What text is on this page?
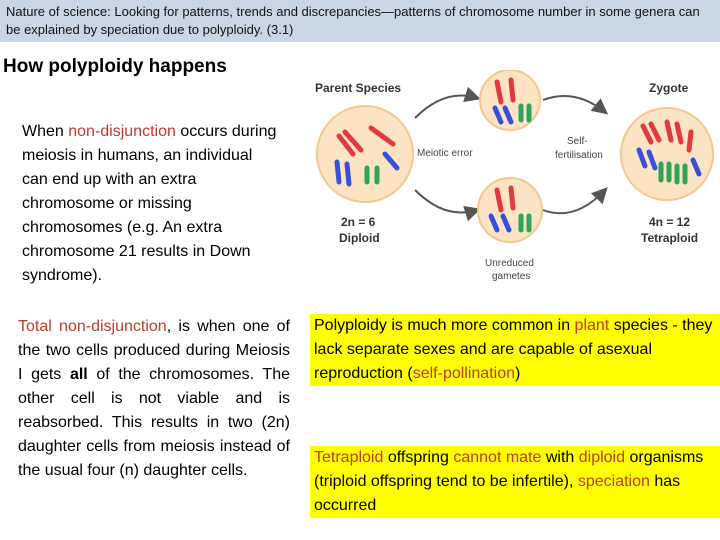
Nature of science: Looking for patterns, trends and discrepancies—patterns of chromosome number in some genera can be explained by speciation due to polyploidy. (3.1)
How polyploidy happens
When non-disjunction occurs during meiosis in humans, an individual can end up with an extra chromosome or missing chromosomes (e.g. An extra chromosome 21 results in Down syndrome).
Total non-disjunction, is when one of the two cells produced during Meiosis I gets all of the chromosomes. The other cell is not viable and is reabsorbed. This results in two (2n) daughter cells from meiosis instead of the usual four (n) daughter cells.
Polyploidy is much more common in plant species - they lack separate sexes and are capable of asexual reproduction (self-pollination)
Tetraploid offspring cannot mate with diploid organisms (triploid offspring tend to be infertile), speciation has occurred
Parent Species	Zygote
Meiotic error
Self-
fertilisation
2n = 6
Diploid
4n = 12
Tetraploid
Unreduced
gametes
